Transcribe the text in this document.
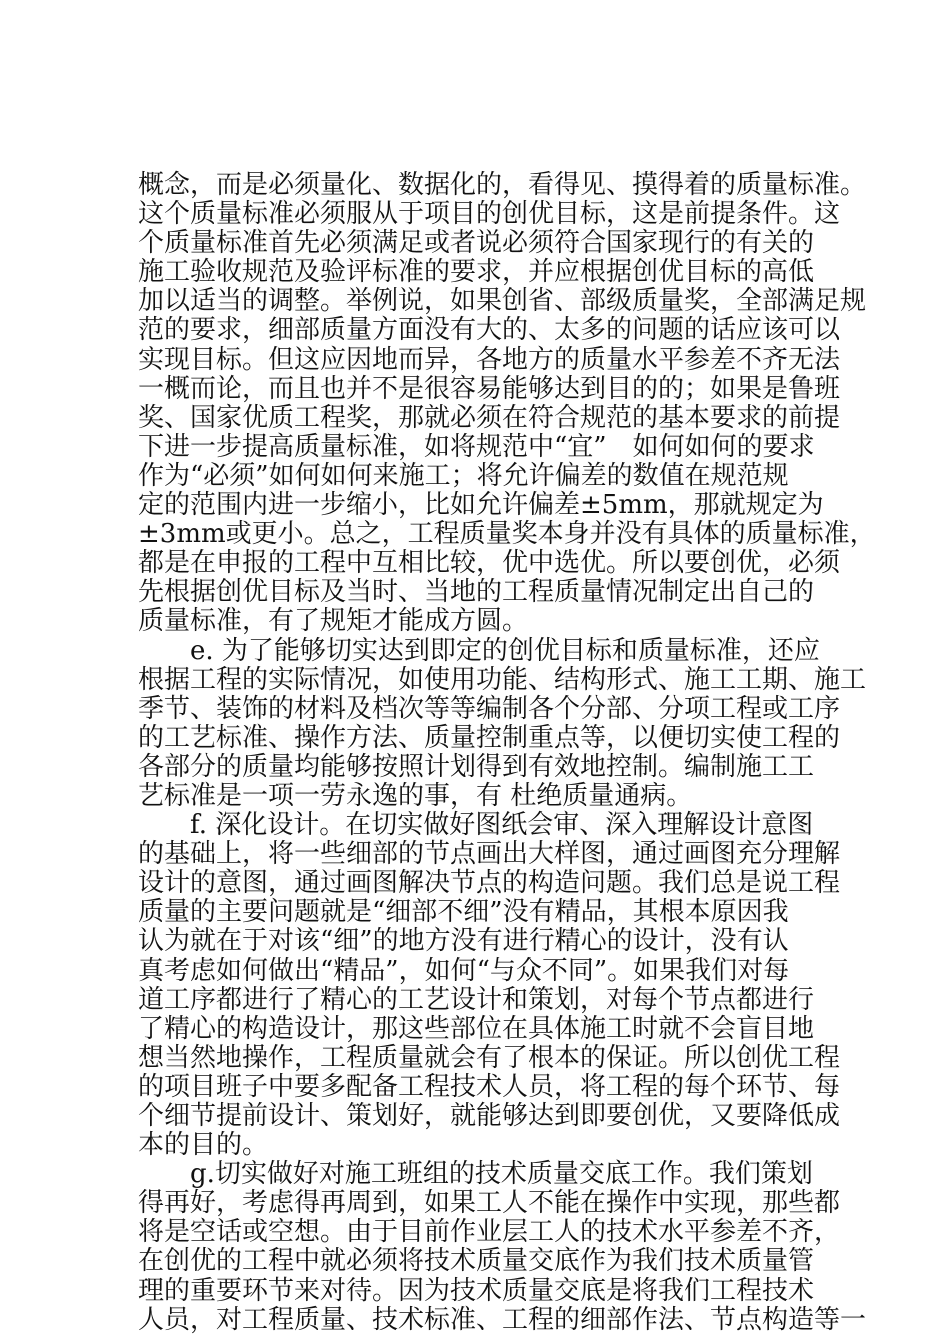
概念，而是必须量化、数据化的，看得见、摸得着的质量标准。
这个质量标准必须服从于项目的创优目标，这是前提条件。这
个质量标准首先必须满足或者说必须符合国家现行的有关的
施工验收规范及验评标准的要求，并应根据创优目标的高低
加以适当的调整。举例说，如果创省、部级质量奖，全部满足规
范的要求，细部质量方面没有大的、太多的问题的话应该可以
实现目标。但这应因地而异，各地方的质量水平参差不齐无法
一概而论，而且也并不是很容易能够达到目的的；如果是鲁班
奖、国家优质工程奖，那就必须在符合规范的基本要求的前提
下进一步提高质量标准，如将规范中“宜”　如何如何的要求
作为“必须”如何如何来施工；将允许偏差的数值在规范规
定的范围内进一步缩小，比如允许偏差±5mm，那就规定为
±3mm或更小。总之，工程质量奖本身并没有具体的质量标准，
都是在申报的工程中互相比较，优中选优。所以要创优，必须
先根据创优目标及当时、当地的工程质量情况制定出自己的
质量标准，有了规矩才能成方圆。
　　e. 为了能够切实达到即定的创优目标和质量标准，还应
根据工程的实际情况，如使用功能、结构形式、施工工期、施工
季节、装饰的材料及档次等等编制各个分部、分项工程或工序
的工艺标准、操作方法、质量控制重点等，以便切实使工程的
各部分的质量均能够按照计划得到有效地控制。编制施工工
艺标准是一项一劳永逸的事，有 杜绝质量通病。
　　f. 深化设计。在切实做好图纸会审、深入理解设计意图
的基础上，将一些细部的节点画出大样图，通过画图充分理解
设计的意图，通过画图解决节点的构造问题。我们总是说工程
质量的主要问题就是“细部不细”没有精品，其根本原因我
认为就在于对该“细”的地方没有进行精心的设计，没有认
真考虑如何做出“精品”，如何“与众不同”。如果我们对每
道工序都进行了精心的工艺设计和策划，对每个节点都进行
了精心的构造设计，那这些部位在具体施工时就不会盲目地
想当然地操作，工程质量就会有了根本的保证。所以创优工程
的项目班子中要多配备工程技术人员，将工程的每个环节、每
个细节提前设计、策划好，就能够达到即要创优，又要降低成
本的目的。
　　g.切实做好对施工班组的技术质量交底工作。我们策划
得再好，考虑得再周到，如果工人不能在操作中实现，那些都
将是空话或空想。由于目前作业层工人的技术水平参差不齐，
在创优的工程中就必须将技术质量交底作为我们技术质量管
理的重要环节来对待。因为技术质量交底是将我们工程技术
人员，对工程质量、技术标准、工程的细部作法、节点构造等一
